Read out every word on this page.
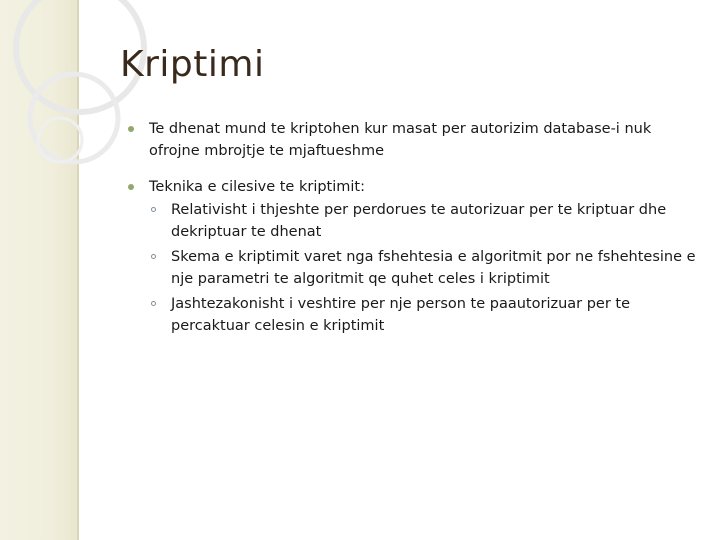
Kriptimi
Te dhenat mund te kriptohen kur masat per autorizim database-i nuk ofrojne mbrojtje te mjaftueshme
Teknika e cilesive te kriptimit:
Relativisht i thjeshte per perdorues te autorizuar per te kriptuar dhe dekriptuar te dhenat
Skema e kriptimit varet nga fshehtesia e algoritmit por ne fshehtesine e nje parametri te algoritmit qe quhet celes i kriptimit
Jashtezakonisht i veshtire per nje person te paautorizuar per te percaktuar celesin e kriptimit
